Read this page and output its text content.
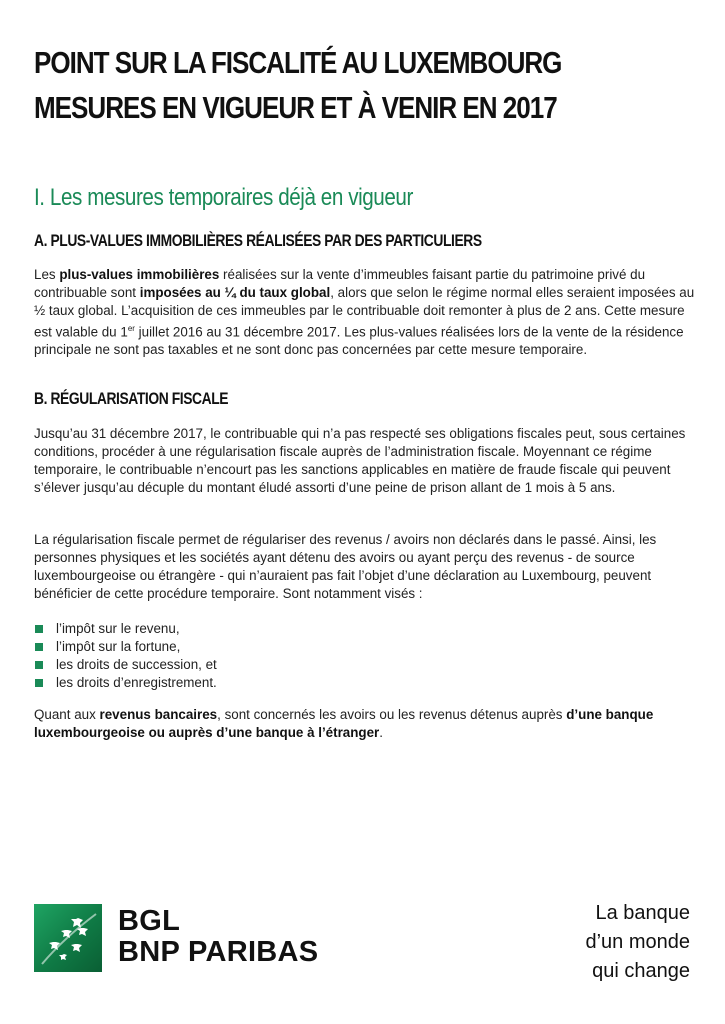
POINT SUR LA FISCALITÉ AU LUXEMBOURG
MESURES EN VIGUEUR ET À VENIR EN 2017
I. Les mesures temporaires déjà en vigueur
A. PLUS-VALUES IMMOBILIÈRES RÉALISÉES PAR DES PARTICULIERS

Les plus-values immobilières réalisées sur la vente d’immeubles faisant partie du patrimoine privé du contribuable sont imposées au ¼ du taux global, alors que selon le régime normal elles seraient imposées au ½ taux global. L’acquisition de ces immeubles par le contribuable doit remonter à plus de 2 ans. Cette mesure est valable du 1er juillet 2016 au 31 décembre 2017. Les plus-values réalisées lors de la vente de la résidence principale ne sont pas taxables et ne sont donc pas concernées par cette mesure temporaire.

B. RÉGULARISATION FISCALE

Jusqu’au 31 décembre 2017, le contribuable qui n’a pas respecté ses obligations fiscales peut, sous certaines conditions, procéder à une régularisation fiscale auprès de l’administration fiscale. Moyennant ce régime temporaire, le contribuable n’encourt pas les sanctions applicables en matière de fraude fiscale qui peuvent s’élever jusqu’au décuple du montant éludé assorti d’une peine de prison allant de 1 mois à 5 ans.

La régularisation fiscale permet de régulariser des revenus / avoirs non déclarés dans le passé. Ainsi, les personnes physiques et les sociétés ayant détenu des avoirs ou ayant perçu des revenus - de source luxembourgeoise ou étrangère - qui n’auraient pas fait l’objet d’une déclaration au Luxembourg, peuvent bénéficier de cette procédure temporaire. Sont notamment visés :

l’impôt sur le revenu,
l’impôt sur la fortune,
les droits de succession, et
les droits d’enregistrement.

Quant aux revenus bancaires, sont concernés les avoirs ou les revenus détenus auprès d’une banque luxembourgeoise ou auprès d’une banque à l’étranger.

BGL
BNP PARIBAS
La banque
d’un monde
qui change
